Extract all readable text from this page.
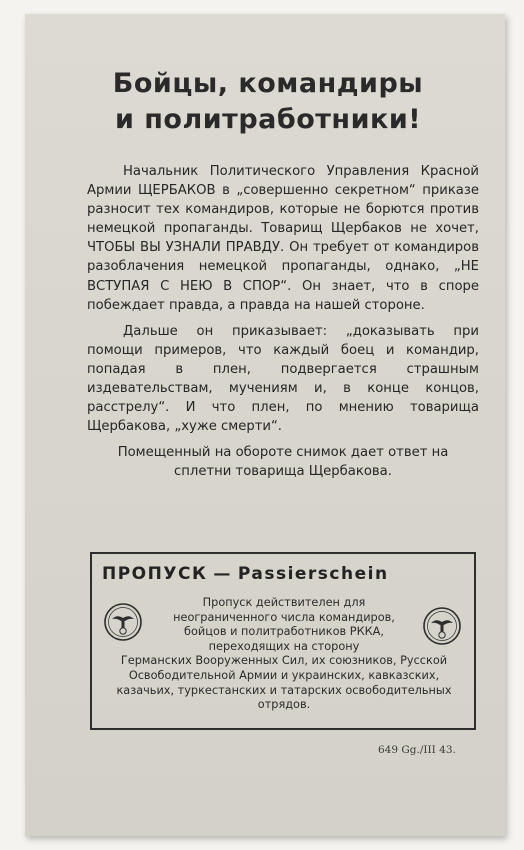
Бойцы, командиры
и политработники!

Начальник Политического Управления Красной Армии ЩЕРБАКОВ в „совершенно секретном“ приказе разносит тех командиров, которые не борются против немецкой пропаганды. Товарищ Щербаков не хочет, ЧТОБЫ ВЫ УЗНАЛИ ПРАВДУ. Он требует от командиров разоблачения немецкой пропаганды, однако, „НЕ ВСТУПАЯ С НЕЮ В СПОР“. Он знает, что в споре побеждает правда, а правда на нашей стороне.

Дальше он приказывает: „доказывать при помощи примеров, что каждый боец и командир, попадая в плен, подвергается страшным издевательствам, мучениям и, в конце концов, расстрелу“. И что плен, по мнению товарища Щербакова, „хуже смерти“.

Помещенный на обороте снимок дает ответ на сплетни товарища Щербакова.

ПРОПУСК — Passierschein
Пропуск действителен для неограниченного числа командиров, бойцов и политработников РККА, переходящих на сторону
Германских Вооруженных Сил, их союзников, Русской Освободительной Армии и украинских, кавказских, казачьих, туркестанских и татарских освободительных отрядов.
649 Gg./III 43.
